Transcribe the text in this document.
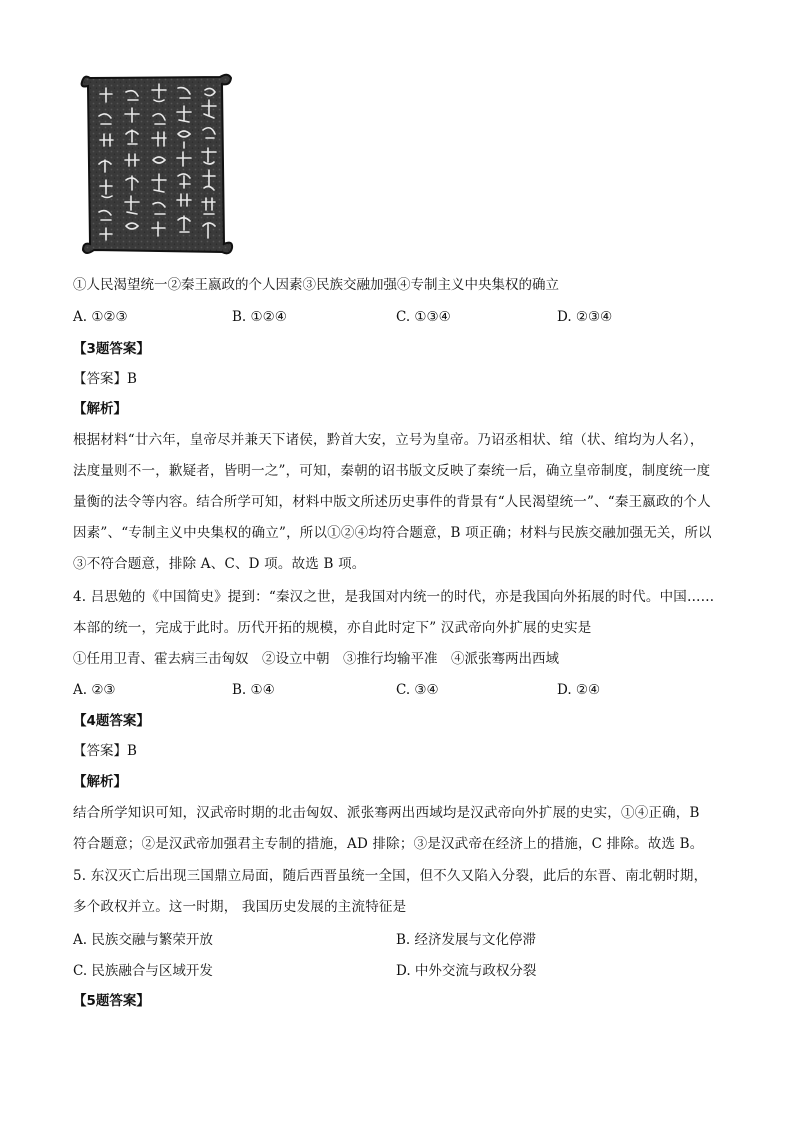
①人民渴望统一②秦王嬴政的个人因素③民族交融加强④专制主义中央集权的确立
A. ①②③	B. ①②④	C. ①③④	D. ②③④
【3题答案】
【答案】B
【解析】
根据材料“廿六年，皇帝尽并兼天下诸侯，黔首大安，立号为皇帝。乃诏丞相状、绾（状、绾均为人名），
法度量则不一，歉疑者，皆明一之”，可知，秦朝的诏书版文反映了秦统一后，确立皇帝制度，制度统一度
量衡的法令等内容。结合所学可知，材料中版文所述历史事件的背景有“人民渴望统一”、“秦王嬴政的个人
因素”、“专制主义中央集权的确立”，所以①②④均符合题意，B 项正确；材料与民族交融加强无关，所以
③不符合题意，排除 A、C、D 项。故选 B 项。
4. 吕思勉的《中国简史》提到：“秦汉之世，是我国对内统一的时代，亦是我国向外拓展的时代。中国……
本部的统一，完成于此时。历代开拓的规模，亦自此时定下” 汉武帝向外扩展的史实是
①任用卫青、霍去病三击匈奴　②设立中朝　③推行均输平准　④派张骞两出西域
A. ②③	B. ①④	C. ③④	D. ②④
【4题答案】
【答案】B
【解析】
结合所学知识可知，汉武帝时期的北击匈奴、派张骞两出西域均是汉武帝向外扩展的史实，①④正确，B
符合题意；②是汉武帝加强君主专制的措施，AD 排除；③是汉武帝在经济上的措施，C 排除。故选 B。
5. 东汉灭亡后出现三国鼎立局面，随后西晋虽统一全国，但不久又陷入分裂，此后的东晋、南北朝时期，
多个政权并立。这一时期， 我国历史发展的主流特征是
A. 民族交融与繁荣开放	B. 经济发展与文化停滞
C. 民族融合与区域开发	D. 中外交流与政权分裂
【5题答案】
